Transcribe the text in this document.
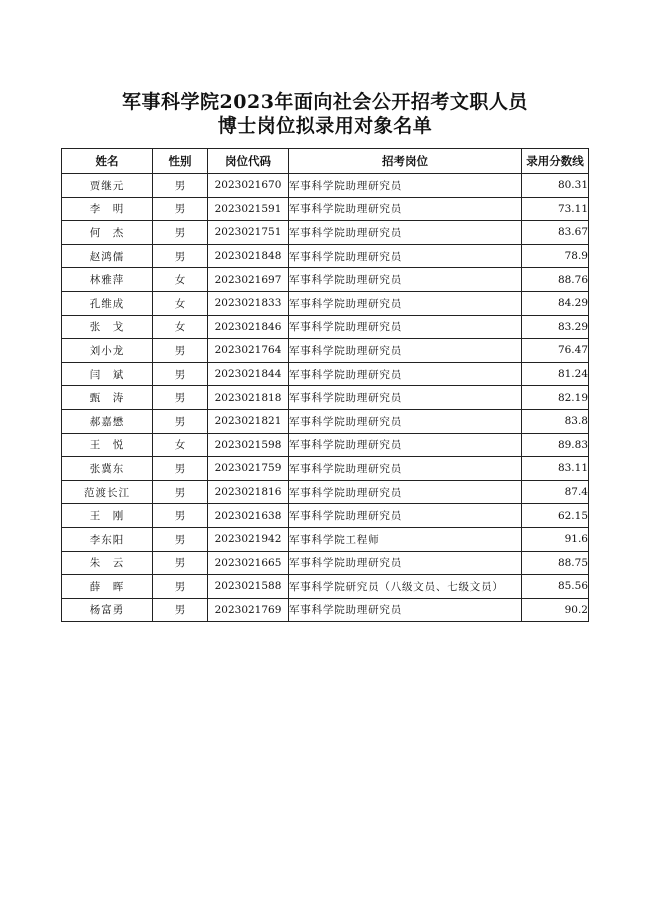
军事科学院2023年面向社会公开招考文职人员
博士岗位拟录用对象名单
姓名	性别	岗位代码	招考岗位	录用分数线
贾继元	男	2023021670	军事科学院助理研究员	80.31
李　明	男	2023021591	军事科学院助理研究员	73.11
何　杰	男	2023021751	军事科学院助理研究员	83.67
赵鸿儒	男	2023021848	军事科学院助理研究员	78.9
林雅萍	女	2023021697	军事科学院助理研究员	88.76
孔维成	女	2023021833	军事科学院助理研究员	84.29
张　戈	女	2023021846	军事科学院助理研究员	83.29
刘小龙	男	2023021764	军事科学院助理研究员	76.47
闫　斌	男	2023021844	军事科学院助理研究员	81.24
甄　涛	男	2023021818	军事科学院助理研究员	82.19
郝嘉懋	男	2023021821	军事科学院助理研究员	83.8
王　悦	女	2023021598	军事科学院助理研究员	89.83
张冀东	男	2023021759	军事科学院助理研究员	83.11
范渡长江	男	2023021816	军事科学院助理研究员	87.4
王　刚	男	2023021638	军事科学院助理研究员	62.15
李东阳	男	2023021942	军事科学院工程师	91.6
朱　云	男	2023021665	军事科学院助理研究员	88.75
薛　晖	男	2023021588	军事科学院研究员（八级文员、七级文员）	85.56
杨富勇	男	2023021769	军事科学院助理研究员	90.2
